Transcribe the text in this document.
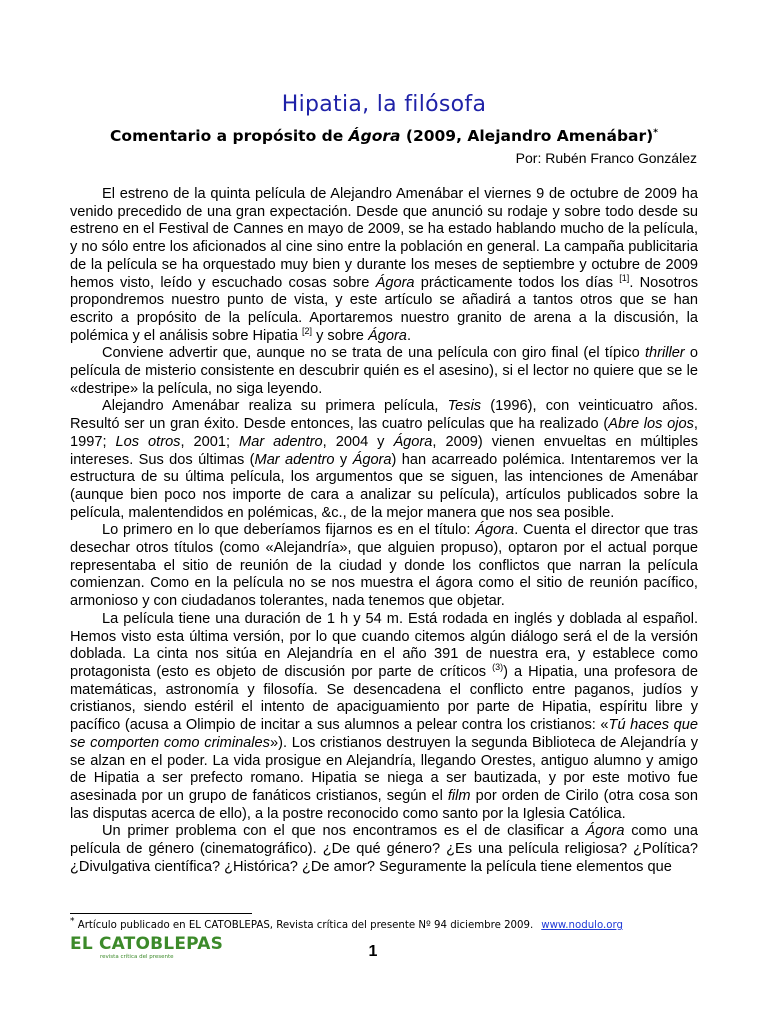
Hipatia, la filósofa
Comentario a propósito de Ágora (2009, Alejandro Amenábar)*
Por: Rubén Franco González

El estreno de la quinta película de Alejandro Amenábar el viernes 9 de octubre de 2009 ha venido precedido de una gran expectación. Desde que anunció su rodaje y sobre todo desde su estreno en el Festival de Cannes en mayo de 2009, se ha estado hablando mucho de la película, y no sólo entre los aficionados al cine sino entre la población en general. La campaña publicitaria de la película se ha orquestado muy bien y durante los meses de septiembre y octubre de 2009 hemos visto, leído y escuchado cosas sobre Ágora prácticamente todos los días [1]. Nosotros propondremos nuestro punto de vista, y este artículo se añadirá a tantos otros que se han escrito a propósito de la película. Aportaremos nuestro granito de arena a la discusión, la polémica y el análisis sobre Hipatia [2] y sobre Ágora.

Conviene advertir que, aunque no se trata de una película con giro final (el típico thriller o película de misterio consistente en descubrir quién es el asesino), si el lector no quiere que se le «destripe» la película, no siga leyendo.

Alejandro Amenábar realiza su primera película, Tesis (1996), con veinticuatro años. Resultó ser un gran éxito. Desde entonces, las cuatro películas que ha realizado (Abre los ojos, 1997; Los otros, 2001; Mar adentro, 2004 y Ágora, 2009) vienen envueltas en múltiples intereses. Sus dos últimas (Mar adentro y Ágora) han acarreado polémica. Intentaremos ver la estructura de su última película, los argumentos que se siguen, las intenciones de Amenábar (aunque bien poco nos importe de cara a analizar su película), artículos publicados sobre la película, malentendidos en polémicas, &c., de la mejor manera que nos sea posible.

Lo primero en lo que deberíamos fijarnos es en el título: Ágora. Cuenta el director que tras desechar otros títulos (como «Alejandría», que alguien propuso), optaron por el actual porque representaba el sitio de reunión de la ciudad y donde los conflictos que narran la película comienzan. Como en la película no se nos muestra el ágora como el sitio de reunión pacífico, armonioso y con ciudadanos tolerantes, nada tenemos que objetar.

La película tiene una duración de 1 h y 54 m. Está rodada en inglés y doblada al español. Hemos visto esta última versión, por lo que cuando citemos algún diálogo será el de la versión doblada. La cinta nos sitúa en Alejandría en el año 391 de nuestra era, y establece como protagonista (esto es objeto de discusión por parte de críticos $^{(3)}$) a Hipatia, una profesora de matemáticas, astronomía y filosofía. Se desencadena el conflicto entre paganos, judíos y cristianos, siendo estéril el intento de apaciguamiento por parte de Hipatia, espíritu libre y pacífico (acusa a Olimpio de incitar a sus alumnos a pelear contra los cristianos: «Tú haces que se comporten como criminales»). Los cristianos destruyen la segunda Biblioteca de Alejandría y se alzan en el poder. La vida prosigue en Alejandría, llegando Orestes, antiguo alumno y amigo de Hipatia a ser prefecto romano. Hipatia se niega a ser bautizada, y por este motivo fue asesinada por un grupo de fanáticos cristianos, según el film por orden de Cirilo (otra cosa son las disputas acerca de ello), a la postre reconocido como santo por la Iglesia Católica.

Un primer problema con el que nos encontramos es el de clasificar a Ágora como una película de género (cinematográfico). ¿De qué género? ¿Es una película religiosa? ¿Política? ¿Divulgativa científica? ¿Histórica? ¿De amor? Seguramente la película tiene elementos que

* Artículo publicado en EL CATOBLEPAS, Revista crítica del presente Nº 94 diciembre 2009. www.nodulo.org
EL CATOBLEPAS
revista crítica del presente	1
